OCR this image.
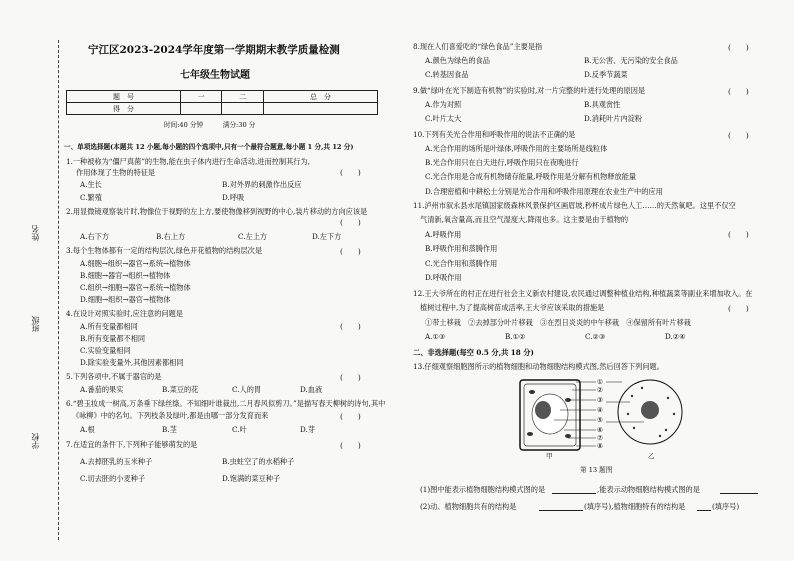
姓名
班级
学校
宁江区2023-2024学年度第一学期期末教学质量检测
七年级生物试题
题　号	一	二	总　分
得　分			
时间:40 分钟　　　满分:30 分
一、单项选择题(本题共 12 小题,每小题的四个选项中,只有一个最符合题意,每小题 1 分,共 12 分)
1.一种被称为“僵尸真菌”的生物,能在虫子体内进行生命活动,进而控制其行为,
作用体现了生物的特征是	(　　)
A.生长	B.对外界的刺激作出反应
C.繁殖	D.呼吸
2.用显微镜观察装片时,物像位于视野的左上方,要使物像移到视野的中心,装片移动的方向应该是
(　　)
A.右下方	B.右上方	C.左上方	D.左下方
3.每个生物体都有一定的结构层次,绿色开花植物的结构层次是	(　　)
A.细胞→组织→器官→系统→植物体
B.细胞→器官→组织→植物体
C.组织→细胞→器官→系统→植物体
D.细胞→组织→器官→植物体
4.在设计对照实验时,应注意的问题是
(　　)
A.所有变量都相同
B.所有变量都不相同
C.实验变量相同
D.除实验变量外,其他因素都相同
5.下列各项中,不属于器官的是	(　　)
A.番茄的果实	B.菜豆的花	C.人的胃	D.血液
6.“碧玉妆成一树高,万条垂下绿丝绦。不知细叶谁裁出,二月春风似剪刀。”是描写春天柳树的诗句,其中
《咏柳》中的名句。下列枝条及绿叶,都是由哪一部分发育而来	(　　)
A.根	B.茎	C.叶	D.芽
7.在适宜的条件下,下列种子能够萌发的是	(　　)
A.去掉胚乳的玉米种子	B.虫蛀空了的水稻种子
C.切去胚的小麦种子	D.饱满的菜豆种子
8.现在人们喜爱吃的“绿色食品”主要是指	(　　)
A.颜色为绿色的食品	B.无公害、无污染的安全食品
C.转基因食品	D.反季节蔬菜
9.做“绿叶在光下制造有机物”的实验时,对一片完整的叶进行处理的原因是	(　　)
A.作为对照	B.具观赏性
C.叶片太大	D.消耗叶片内淀粉
10.下列有关光合作用和呼吸作用的说法不正确的是	(　　)
A.光合作用的场所是叶绿体,呼吸作用的主要场所是线粒体
B.光合作用只在白天进行,呼吸作用只在夜晚进行
C.光合作用是合成有机物储存能量,呼吸作用是分解有机物释放能量
D.合理密植和中耕松土分别是光合作用和呼吸作用原理在农业生产中的应用
11.泸州市叙永县水尾镇国家级森林风景保护区画眉坡,秒杯成片绿色人工……的天然氧吧。这里不仅空
气清新,氧含量高,而且空气湿度大,降雨也多。这主要是由于植物的
(　　)
A.呼吸作用
B.呼吸作用和蒸腾作用
C.光合作用和蒸腾作用
D.呼吸作用
12.王大爷所在的村正在进行社会主义新农村建设,农民通过调整种植业结构,种植蔬菜等副业来增加收入。在
植树过程中,为了提高树苗成活率,王大爷应该采取的措施是	(　　)
①带土移栽　②去掉部分叶片移栽　③在烈日炎炎的中午移栽　④保留所有叶片移栽
A.①③	B.①②	C.②③	D.②④
二、非选择题(每空 0.5 分,共 18 分)
13.仔细观察细胞图所示的植物细胞和动物细胞结构模式图,然后回答下列问题。
①
②
③
④
⑤
⑥
⑦
⑧
甲	乙
第 13 题图
(1)图中能表示植物细胞结构模式图的是	,能表示动物细胞结构模式图的是
(2)动、植物细胞共有的结构是	(填序号),植物细胞特有的结构是	(填序号)
